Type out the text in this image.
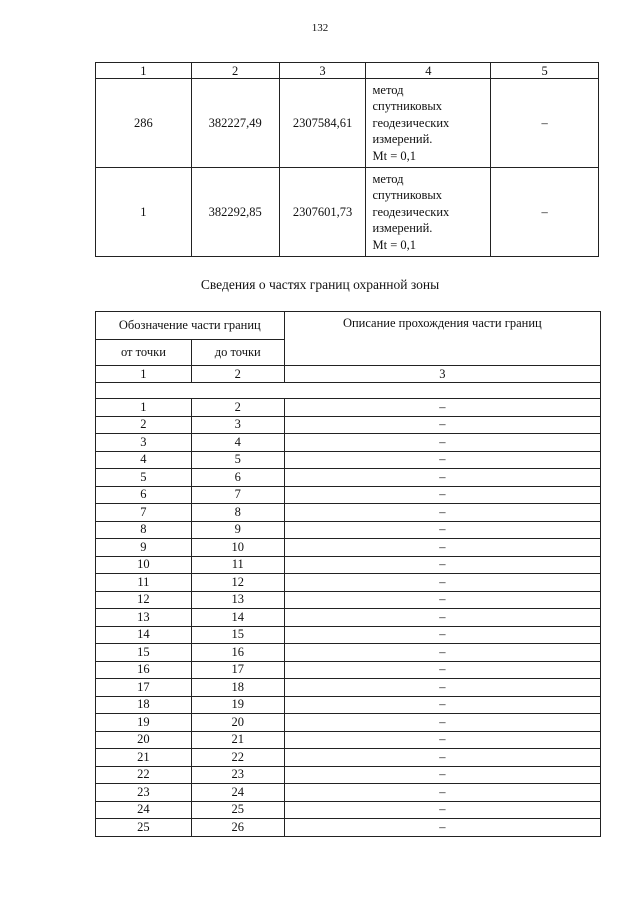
132
1	2	3	4	5
286	382227,49	2307584,61	метод
спутниковых
геодезических
измерений.
Mt = 0,1	–
1	382292,85	2307601,73	метод
спутниковых
геодезических
измерений.
Mt = 0,1	–
Сведения о частях границ охранной зоны
Обозначение части границ		Описание прохождения части границ
от точки	до точки	
1	2	3

1	2	–
2	3	–
3	4	–
4	5	–
5	6	–
6	7	–
7	8	–
8	9	–
9	10	–
10	11	–
11	12	–
12	13	–
13	14	–
14	15	–
15	16	–
16	17	–
17	18	–
18	19	–
19	20	–
20	21	–
21	22	–
22	23	–
23	24	–
24	25	–
25	26	–
